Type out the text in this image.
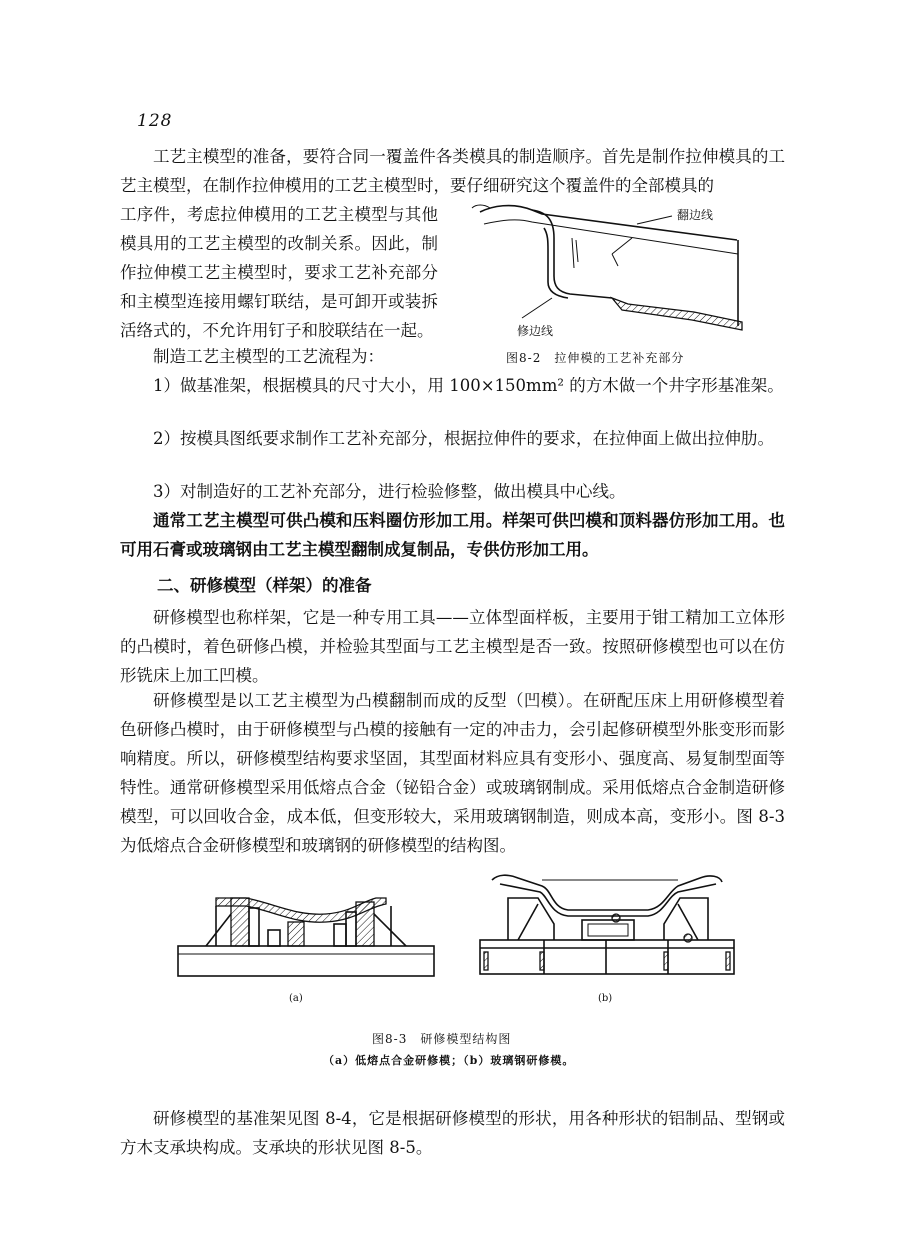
128
工艺主模型的准备，要符合同一覆盖件各类模具的制造顺序。首先是制作拉伸模具的工艺主模型，在制作拉伸模用的工艺主模型时，要仔细研究这个覆盖件的全部模具的
工序件，考虑拉伸模用的工艺主模型与其他模具用的工艺主模型的改制关系。因此，制作拉伸模工艺主模型时，要求工艺补充部分和主模型连接用螺钉联结，是可卸开或装拆活络式的，不允许用钉子和胶联结在一起。
翻边线
修边线
图8-2　拉伸模的工艺补充部分
制造工艺主模型的工艺流程为：
1）做基准架，根据模具的尺寸大小，用 100×150mm² 的方木做一个井字形基准架。
2）按模具图纸要求制作工艺补充部分，根据拉伸件的要求，在拉伸面上做出拉伸肋。
3）对制造好的工艺补充部分，进行检验修整，做出模具中心线。
通常工艺主模型可供凸模和压料圈仿形加工用。样架可供凹模和顶料器仿形加工用。也可用石膏或玻璃钢由工艺主模型翻制成复制品，专供仿形加工用。
二、研修模型（样架）的准备
研修模型也称样架，它是一种专用工具——立体型面样板，主要用于钳工精加工立体形的凸模时，着色研修凸模，并检验其型面与工艺主模型是否一致。按照研修模型也可以在仿形铣床上加工凹模。
研修模型是以工艺主模型为凸模翻制而成的反型（凹模）。在研配压床上用研修模型着色研修凸模时，由于研修模型与凸模的接触有一定的冲击力，会引起修研模型外胀变形而影响精度。所以，研修模型结构要求坚固，其型面材料应具有变形小、强度高、易复制型面等特性。通常研修模型采用低熔点合金（铋铅合金）或玻璃钢制成。采用低熔点合金制造研修模型，可以回收合金，成本低，但变形较大，采用玻璃钢制造，则成本高，变形小。图 8-3 为低熔点合金研修模型和玻璃钢的研修模型的结构图。
(a)	(b)
图8-3　研修模型结构图
（a）低熔点合金研修模；（b）玻璃钢研修模。
研修模型的基准架见图 8-4，它是根据研修模型的形状，用各种形状的铝制品、型钢或方木支承块构成。支承块的形状见图 8-5。
